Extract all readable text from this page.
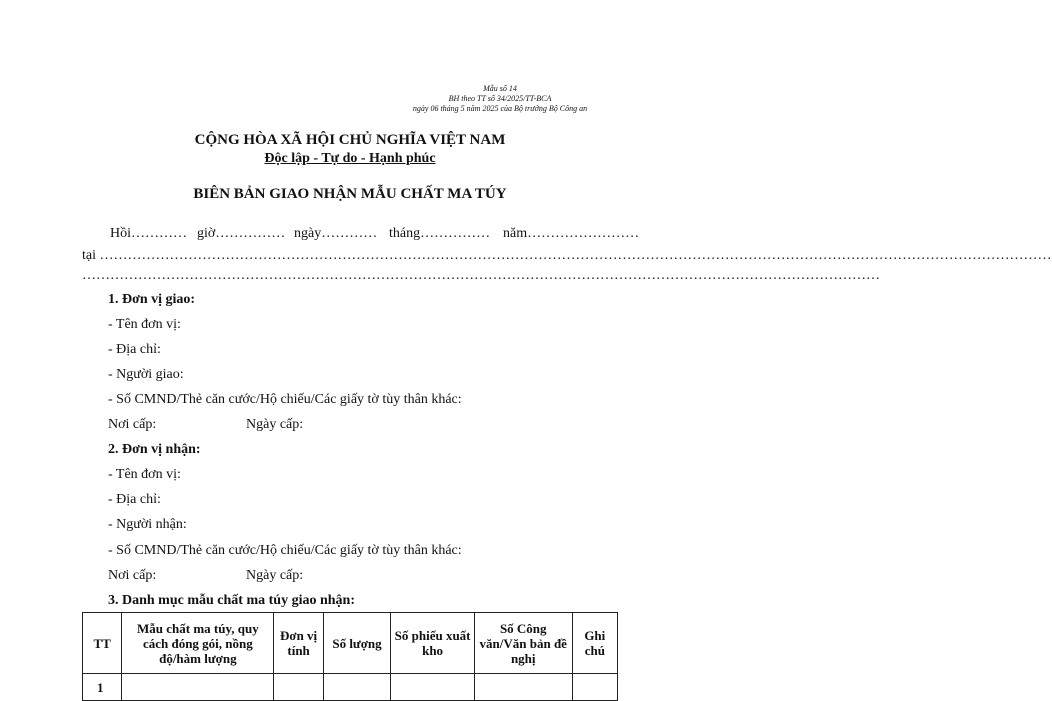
Mẫu số 14
BH theo TT số 34/2025/TT-BCA
ngày 06 tháng 5 năm 2025 của Bộ trưởng Bộ Công an
CỘNG HÒA XÃ HỘI CHỦ NGHĨA VIỆT NAM
Độc lập - Tự do - Hạnh phúc
BIÊN BẢN GIAO NHẬN MẪU CHẤT MA TÚY
Hồi………… giờ…………… ngày………… tháng…………… năm……………………
tại ……………………………………………………………………………………………………………………………………………………………………………………
………………………………………………………………………………………………………………………………………………………
1. Đơn vị giao:
- Tên đơn vị:
- Địa chỉ:
- Người giao:
- Số CMND/Thẻ căn cước/Hộ chiếu/Các giấy tờ tùy thân khác:
Nơi cấp:	Ngày cấp:
2. Đơn vị nhận:
- Tên đơn vị:
- Địa chỉ:
- Người nhận:
- Số CMND/Thẻ căn cước/Hộ chiếu/Các giấy tờ tùy thân khác:
Nơi cấp:	Ngày cấp:
3. Danh mục mẫu chất ma túy giao nhận:
TT	Mẫu chất ma túy, quy cách đóng gói, nồng độ/hàm lượng	Đơn vị tính	Số lượng	Số phiếu xuất kho	Số Công văn/Văn bản đề nghị	Ghi chú
1						
